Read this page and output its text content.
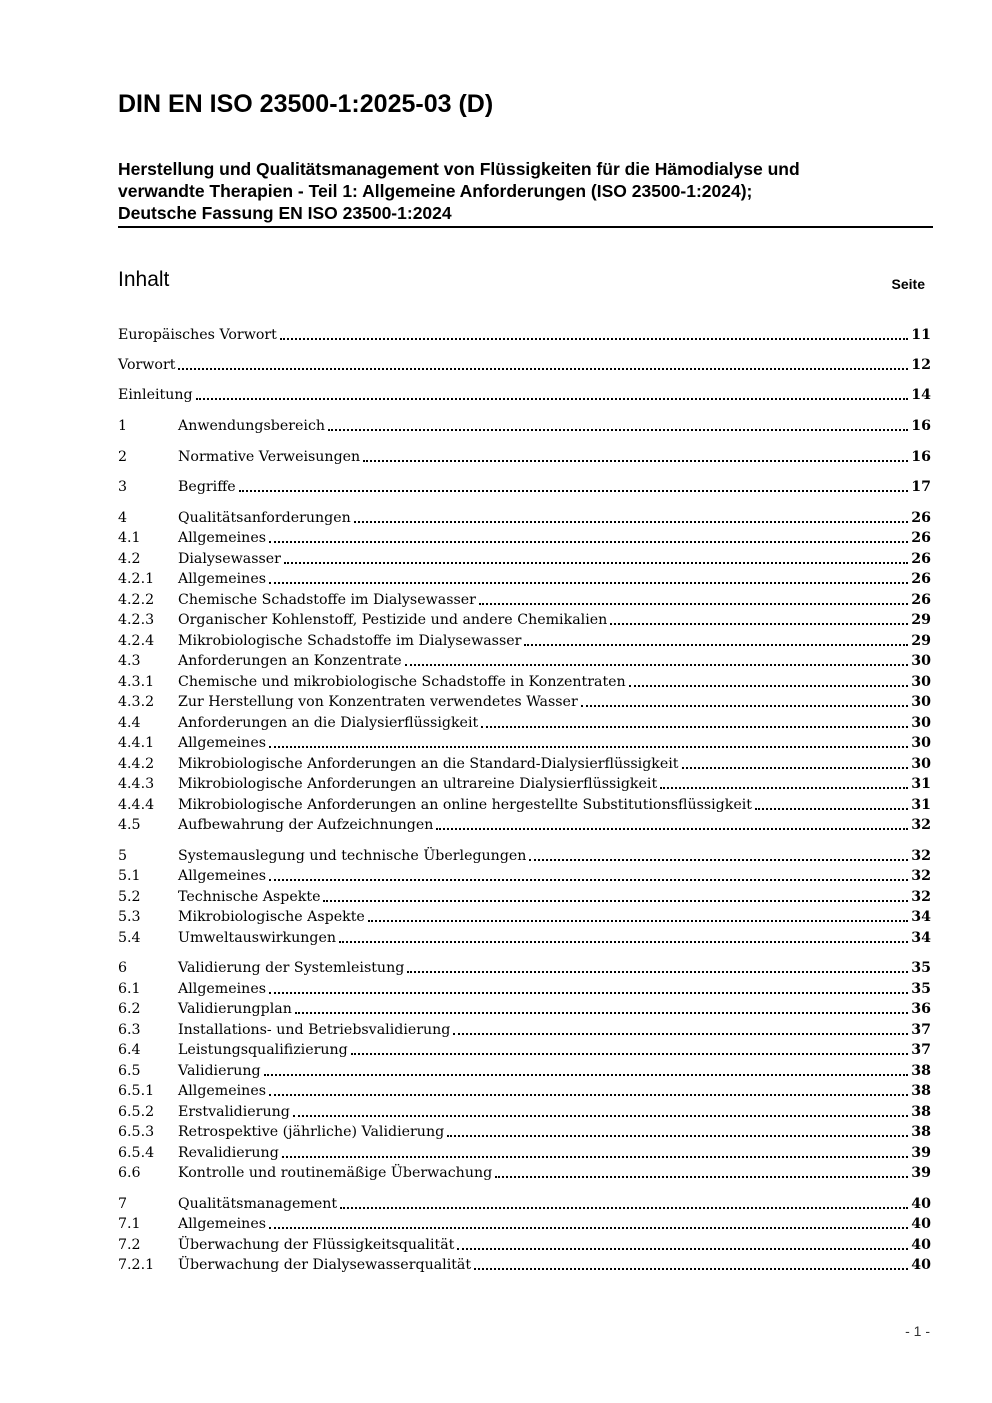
DIN EN ISO 23500-1:2025-03 (D)
Herstellung und Qualitätsmanagement von Flüssigkeiten für die Hämodialyse und
verwandte Therapien - Teil 1: Allgemeine Anforderungen (ISO 23500-1:2024);
Deutsche Fassung EN ISO 23500-1:2024
Inhalt	Seite
Europäisches Vorwort	11
Vorwort	12
Einleitung	14
1	Anwendungsbereich	16
2	Normative Verweisungen	16
3	Begriffe	17
4	Qualitätsanforderungen	26
4.1	Allgemeines	26
4.2	Dialysewasser	26
4.2.1	Allgemeines	26
4.2.2	Chemische Schadstoffe im Dialysewasser	26
4.2.3	Organischer Kohlenstoff, Pestizide und andere Chemikalien	29
4.2.4	Mikrobiologische Schadstoffe im Dialysewasser	29
4.3	Anforderungen an Konzentrate	30
4.3.1	Chemische und mikrobiologische Schadstoffe in Konzentraten	30
4.3.2	Zur Herstellung von Konzentraten verwendetes Wasser	30
4.4	Anforderungen an die Dialysierflüssigkeit	30
4.4.1	Allgemeines	30
4.4.2	Mikrobiologische Anforderungen an die Standard-Dialysierflüssigkeit	30
4.4.3	Mikrobiologische Anforderungen an ultrareine Dialysierflüssigkeit	31
4.4.4	Mikrobiologische Anforderungen an online hergestellte Substitutionsflüssigkeit	31
4.5	Aufbewahrung der Aufzeichnungen	32
5	Systemauslegung und technische Überlegungen	32
5.1	Allgemeines	32
5.2	Technische Aspekte	32
5.3	Mikrobiologische Aspekte	34
5.4	Umweltauswirkungen	34
6	Validierung der Systemleistung	35
6.1	Allgemeines	35
6.2	Validierungplan	36
6.3	Installations- und Betriebsvalidierung	37
6.4	Leistungsqualifizierung	37
6.5	Validierung	38
6.5.1	Allgemeines	38
6.5.2	Erstvalidierung	38
6.5.3	Retrospektive (jährliche) Validierung	38
6.5.4	Revalidierung	39
6.6	Kontrolle und routinemäßige Überwachung	39
7	Qualitätsmanagement	40
7.1	Allgemeines	40
7.2	Überwachung der Flüssigkeitsqualität	40
7.2.1	Überwachung der Dialysewasserqualität	40
- 1 -
